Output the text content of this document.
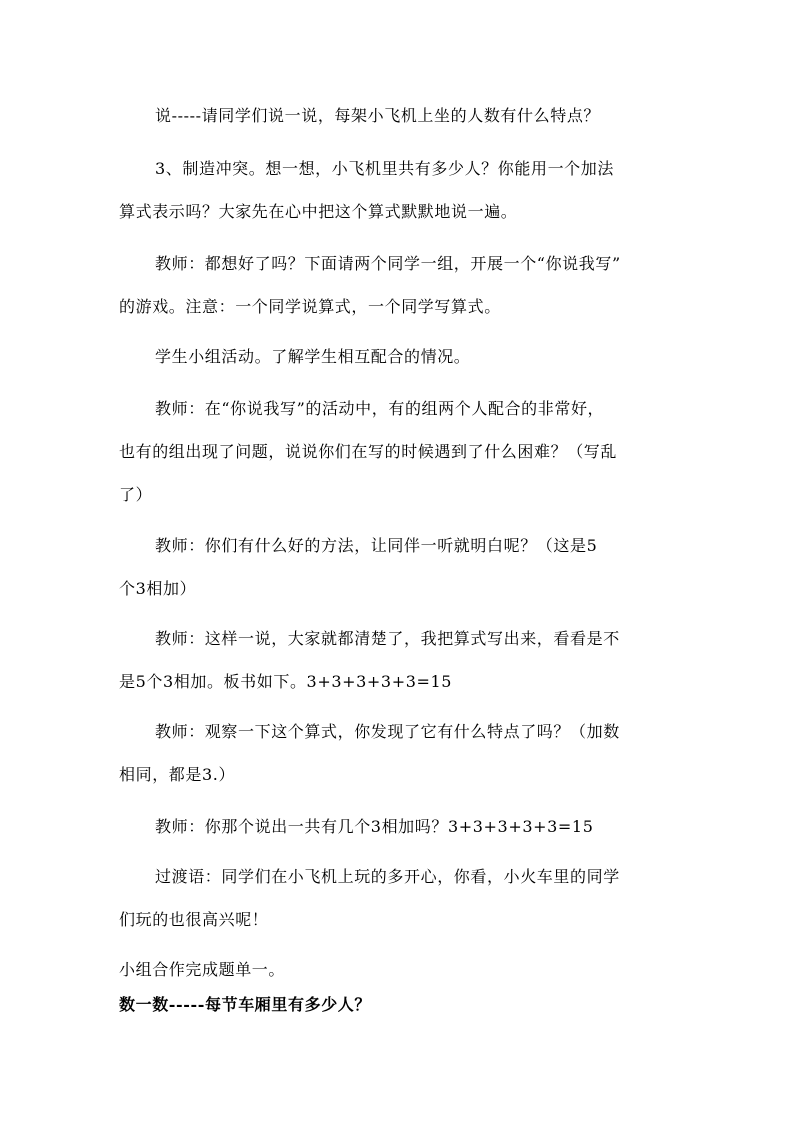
说-----请同学们说一说，每架小飞机上坐的人数有什么特点？
3、制造冲突。想一想，小飞机里共有多少人？你能用一个加法
算式表示吗？大家先在心中把这个算式默默地说一遍。
教师：都想好了吗？下面请两个同学一组，开展一个“你说我写”
的游戏。注意：一个同学说算式，一个同学写算式。
学生小组活动。了解学生相互配合的情况。
教师：在“你说我写”的活动中，有的组两个人配合的非常好，
也有的组出现了问题，说说你们在写的时候遇到了什么困难？（写乱
了）
教师：你们有什么好的方法，让同伴一听就明白呢？（这是5
个3相加）
教师：这样一说，大家就都清楚了，我把算式写出来，看看是不
是5个3相加。板书如下。3+3+3+3+3=15
教师：观察一下这个算式，你发现了它有什么特点了吗？（加数
相同，都是3.）
教师：你那个说出一共有几个3相加吗？3+3+3+3+3=15
过渡语：同学们在小飞机上玩的多开心，你看，小火车里的同学
们玩的也很高兴呢！
小组合作完成题单一。
数一数-----每节车厢里有多少人？
